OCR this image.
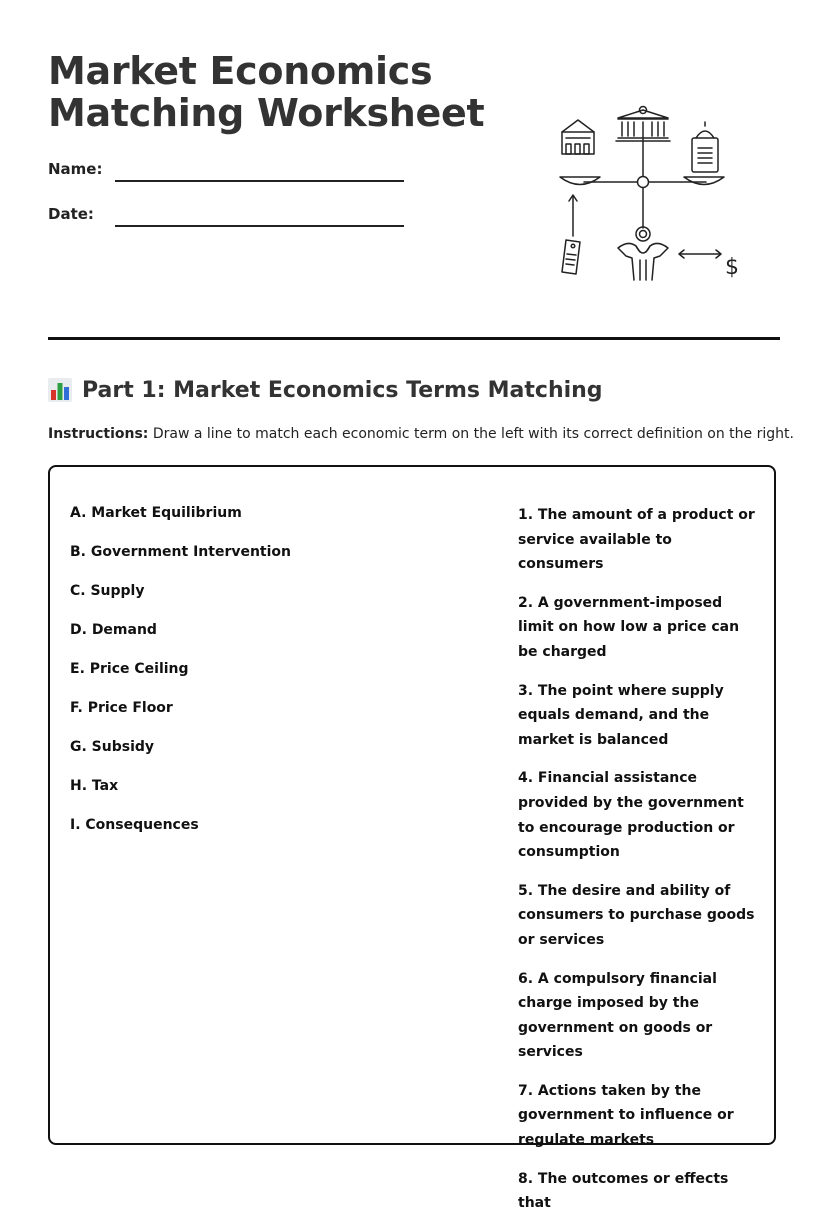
Market Economics
Matching Worksheet
Name:
Date:
$
Part 1: Market Economics Terms Matching
Instructions: Draw a line to match each economic term on the left with its correct definition on the right.
A. Market Equilibrium
B. Government Intervention
C. Supply
D. Demand
E. Price Ceiling
F. Price Floor
G. Subsidy
H. Tax
I. Consequences
1. The amount of a product or service available to consumers
2. A government-imposed limit on how low a price can be charged
3. The point where supply equals demand, and the market is balanced
4. Financial assistance provided by the government to encourage production or consumption
5. The desire and ability of consumers to purchase goods or services
6. A compulsory financial charge imposed by the government on goods or services
7. Actions taken by the government to influence or regulate markets
8. The outcomes or effects that
